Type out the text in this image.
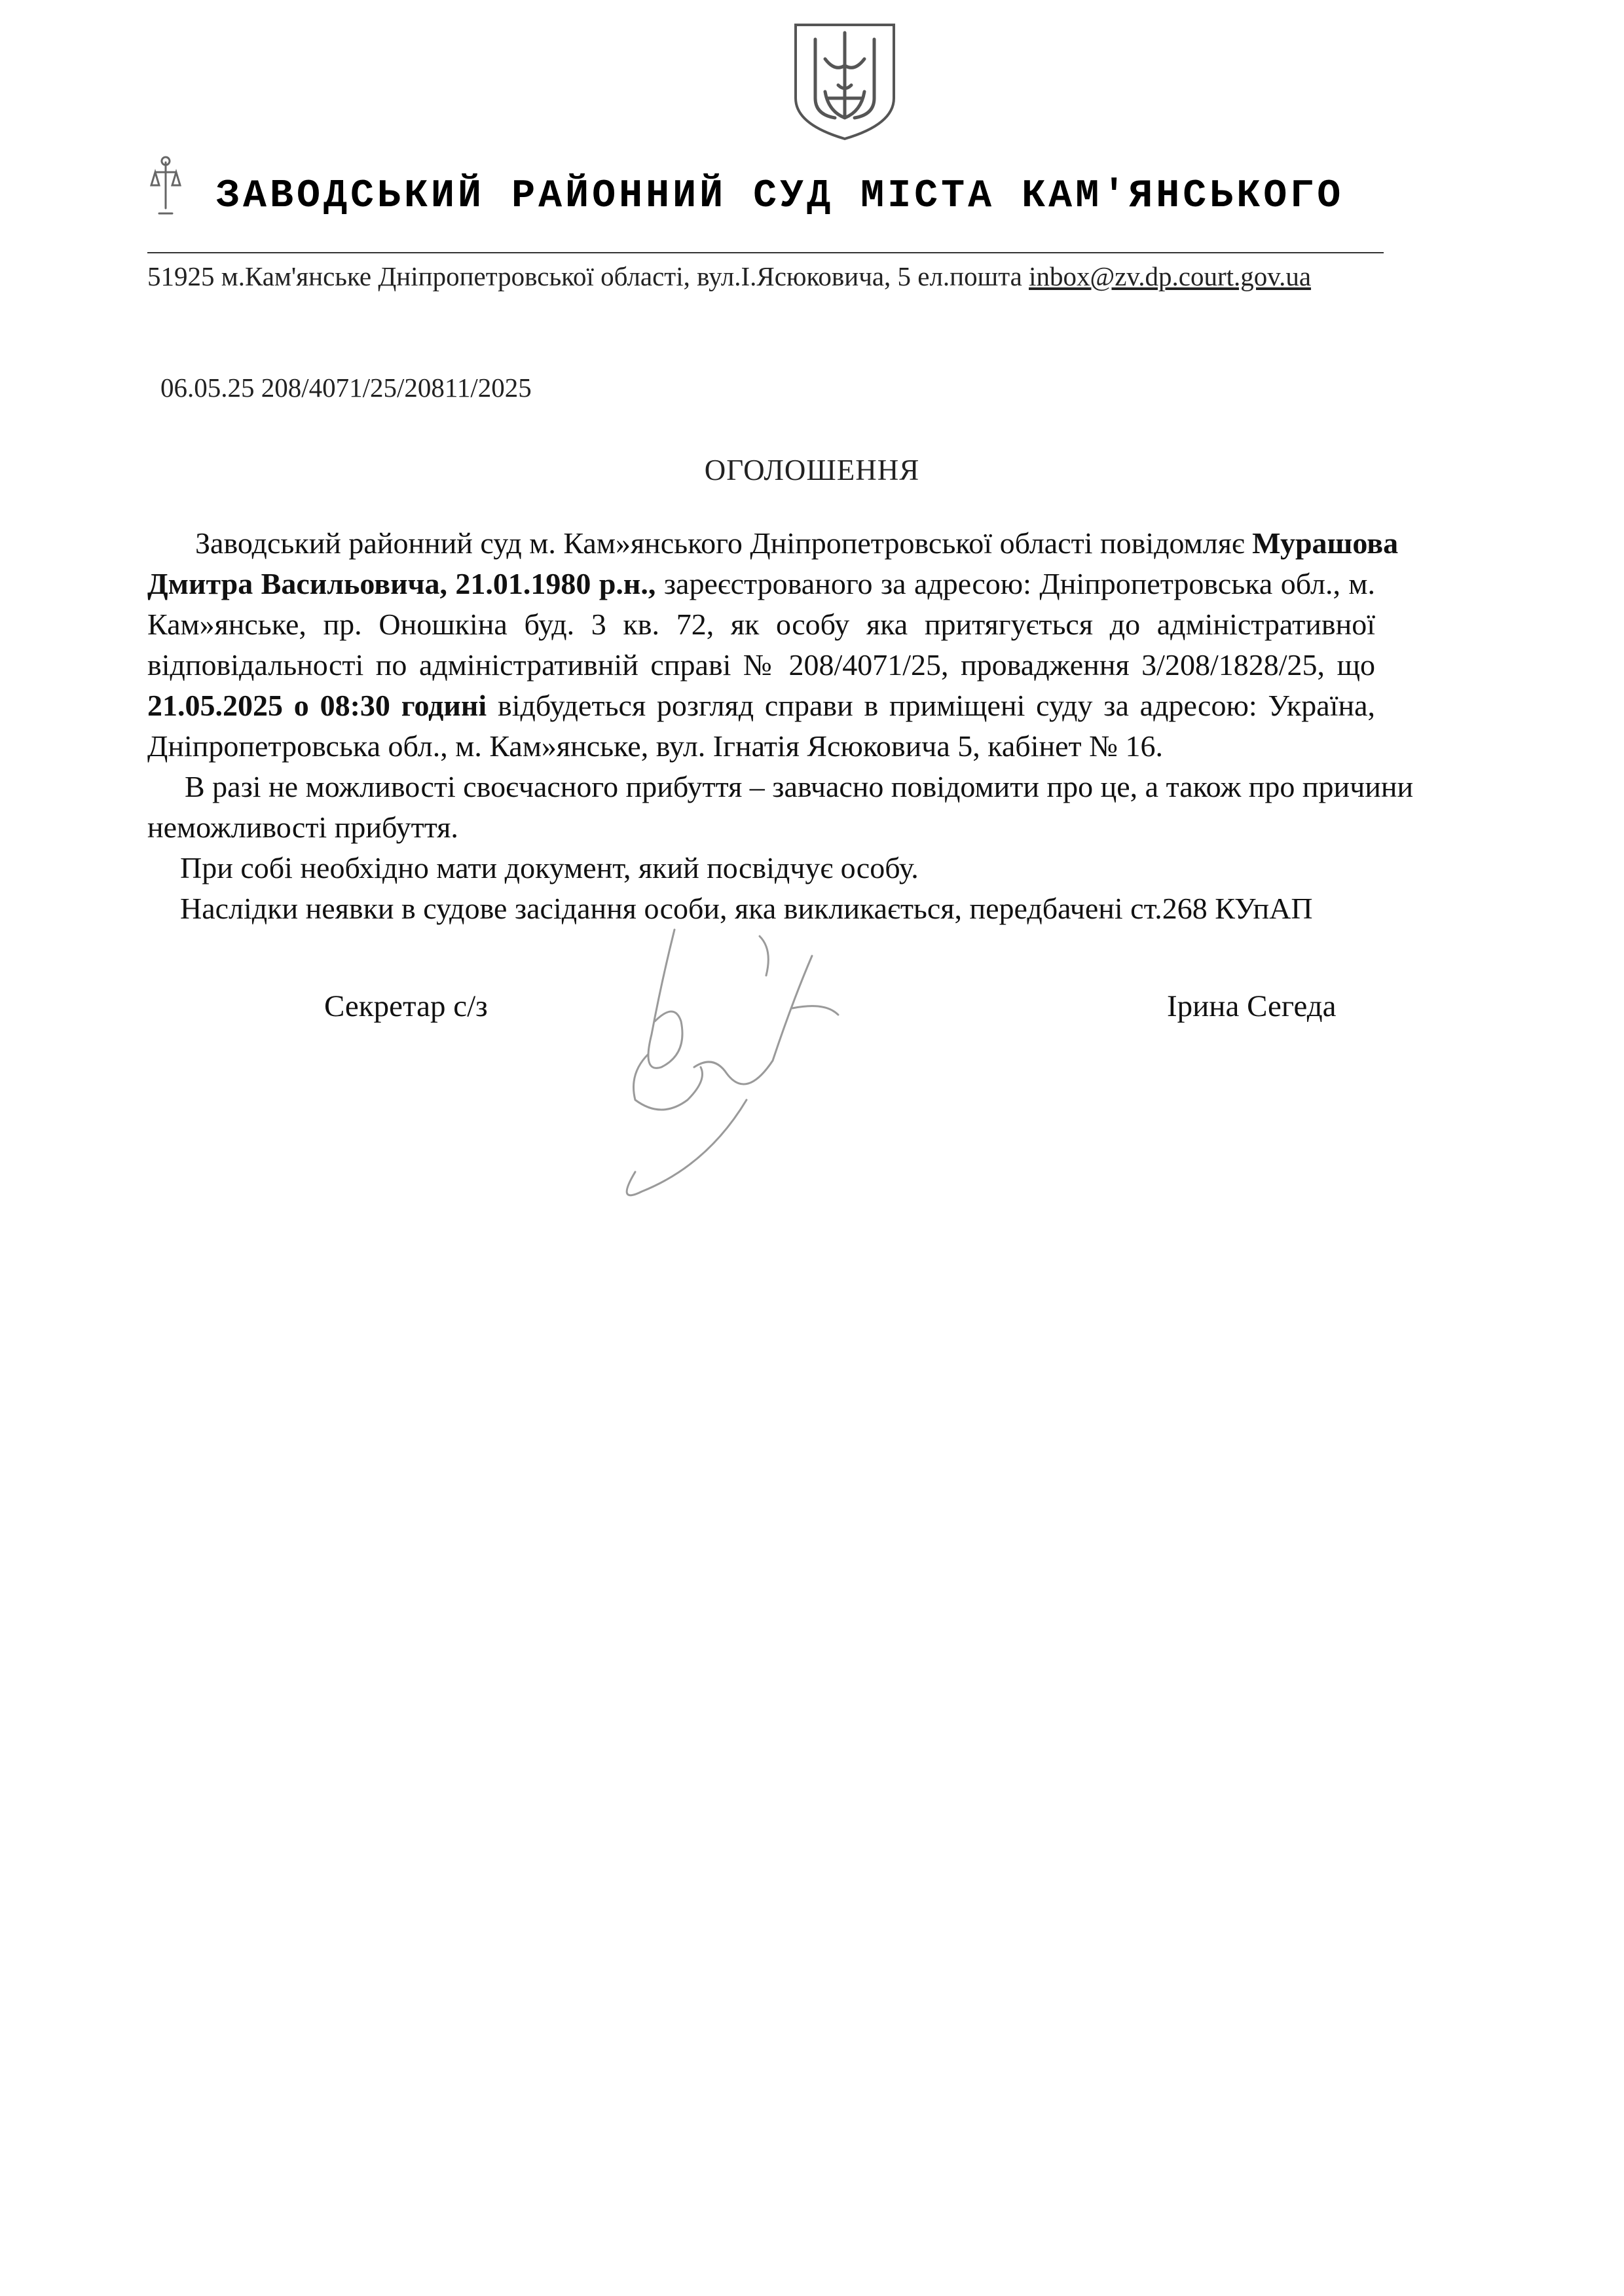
ЗАВОДСЬКИЙ РАЙОННИЙ СУД МІСТА КАМ'ЯНСЬКОГО
51925 м.Кам'янське Дніпропетровської області, вул.І.Ясюковича, 5 ел.пошта inbox@zv.dp.court.gov.ua
06.05.25 208/4071/25/20811/2025
ОГОЛОШЕННЯ
Заводський районний суд м. Кам»янського Дніпропетровської області повідомляє Мурашова
Дмитра Васильовича, 21.01.1980 р.н., зареєстрованого за адресою: Дніпропетровська обл., м.
Кам»янське, пр. Оношкіна буд. 3 кв. 72, як особу яка притягується до адміністративної
відповідальності по адміністративній справі № 208/4071/25, провадження 3/208/1828/25, що
21.05.2025 о 08:30 годині відбудеться розгляд справи в приміщені суду за адресою: Україна,
Дніпропетровська обл., м. Кам»янське, вул. Ігнатія Ясюковича 5, кабінет № 16.
В разі не можливості своєчасного прибуття – завчасно повідомити про це, а також про причини
неможливості прибуття.
При собі необхідно мати документ, який посвідчує особу.
Наслідки неявки в судове засідання особи, яка викликається, передбачені ст.268 КУпАП
Секретар с/з	Ірина Сегеда
